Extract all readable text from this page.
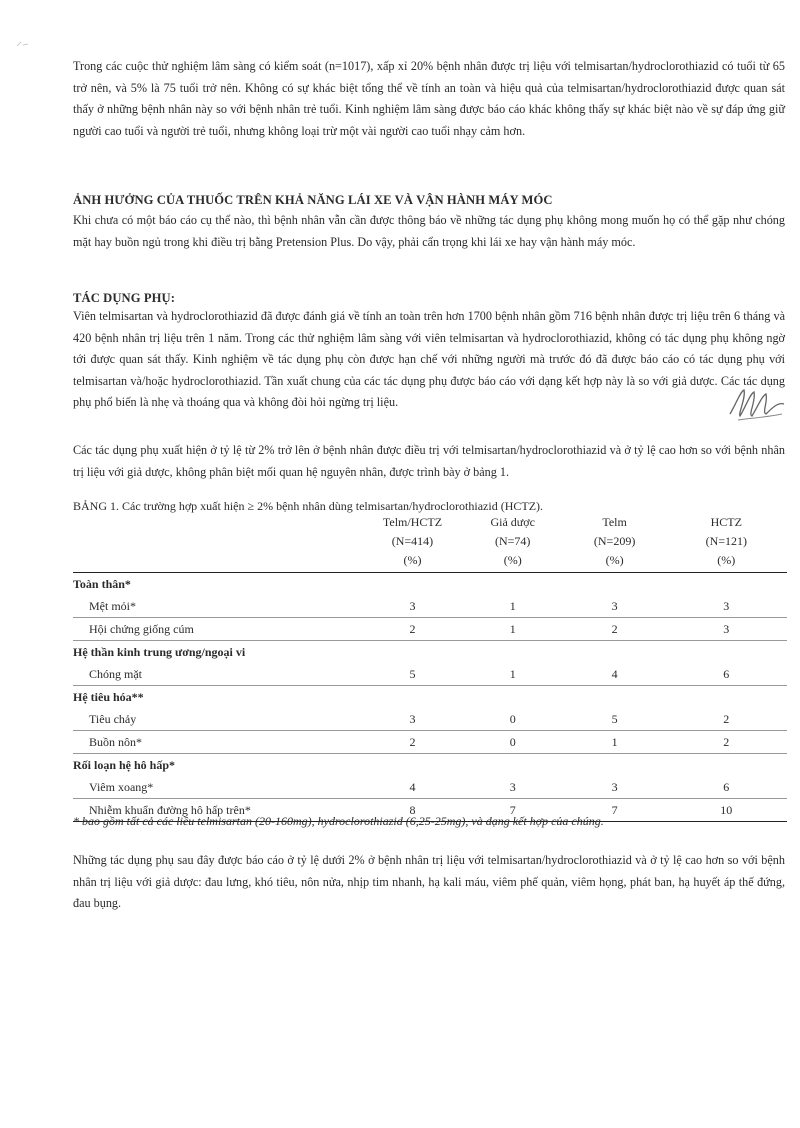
Trong các cuộc thử nghiệm lâm sàng có kiểm soát (n=1017), xấp xỉ 20% bệnh nhân được trị liệu với telmisartan/hydroclorothiazid có tuổi từ 65 trở nên, và 5% là 75 tuổi trở nên. Không có sự khác biệt tổng thể về tính an toàn và hiệu quả của telmisartan/hydroclorothiazid được quan sát thấy ở những bệnh nhân này so với bệnh nhân trẻ tuổi. Kinh nghiệm lâm sàng được báo cáo khác không thấy sự khác biệt nào về sự đáp ứng giữ người cao tuổi và người trẻ tuổi, nhưng không loại trừ một vài người cao tuổi nhạy cảm hơn.
ẢNH HƯỞNG CỦA THUỐC TRÊN KHẢ NĂNG LÁI XE VÀ VẬN HÀNH MÁY MÓC
Khi chưa có một báo cáo cụ thể nào, thì bệnh nhân vẫn cần được thông báo về những tác dụng phụ không mong muốn họ có thể gặp như chóng mặt hay buồn ngủ trong khi điều trị bằng Pretension Plus. Do vậy, phải cẩn trọng khi lái xe hay vận hành máy móc.
TÁC DỤNG PHỤ:
Viên telmisartan và hydroclorothiazid đã được đánh giá về tính an toàn trên hơn 1700 bệnh nhân gồm 716 bệnh nhân được trị liệu trên 6 tháng và 420 bệnh nhân trị liệu trên 1 năm. Trong các thử nghiệm lâm sàng với viên telmisartan và hydroclorothiazid, không có tác dụng phụ không ngờ tới được quan sát thấy. Kinh nghiệm về tác dụng phụ còn được hạn chế với những người mà trước đó đã được báo cáo có tác dụng phụ với telmisartan và/hoặc hydroclorothiazid. Tần xuất chung của các tác dụng phụ được báo cáo với dạng kết hợp này là so với giả dược. Các tác dụng phụ phổ biến là nhẹ và thoáng qua và không đòi hỏi ngừng trị liệu.
Các tác dụng phụ xuất hiện ở tỷ lệ từ 2% trở lên ở bệnh nhân được điều trị với telmisartan/hydroclorothiazid và ở tỷ lệ cao hơn so với bệnh nhân trị liệu với giả dược, không phân biệt mối quan hệ nguyên nhân, được trình bày ở bảng 1.
BẢNG 1. Các trường hợp xuất hiện ≥ 2% bệnh nhân dùng telmisartan/hydroclorothiazid (HCTZ).
	Telm/HCTZ	Giả dược	Telm	HCTZ
	(N=414)	(N=74)	(N=209)	(N=121)
	(%)	(%)	(%)	(%)
Toàn thân*				
Mệt mỏi*	3	1	3	3
Hội chứng giống cúm	2	1	2	3
Hệ thần kinh trung ương/ngoại vi				
Chóng mặt	5	1	4	6
Hệ tiêu hóa**				
Tiêu chảy	3	0	5	2
Buồn nôn*	2	0	1	2
Rối loạn hệ hô hấp*				
Viêm xoang*	4	3	3	6
Nhiễm khuẩn đường hô hấp trên*	8	7	7	10
* bao gồm tất cả các liều telmisartan (20-160mg), hydroclorothiazid (6,25-25mg), và dạng kết hợp của chúng.
Những tác dụng phụ sau đây được báo cáo ở tỷ lệ dưới 2% ở bệnh nhân trị liệu với telmisartan/hydroclorothiazid và ở tỷ lệ cao hơn so với bệnh nhân trị liệu với giả dược: đau lưng, khó tiêu, nôn nửa, nhịp tim nhanh, hạ kali máu, viêm phế quản, viêm họng, phát ban, hạ huyết áp thế đứng, đau bụng.
